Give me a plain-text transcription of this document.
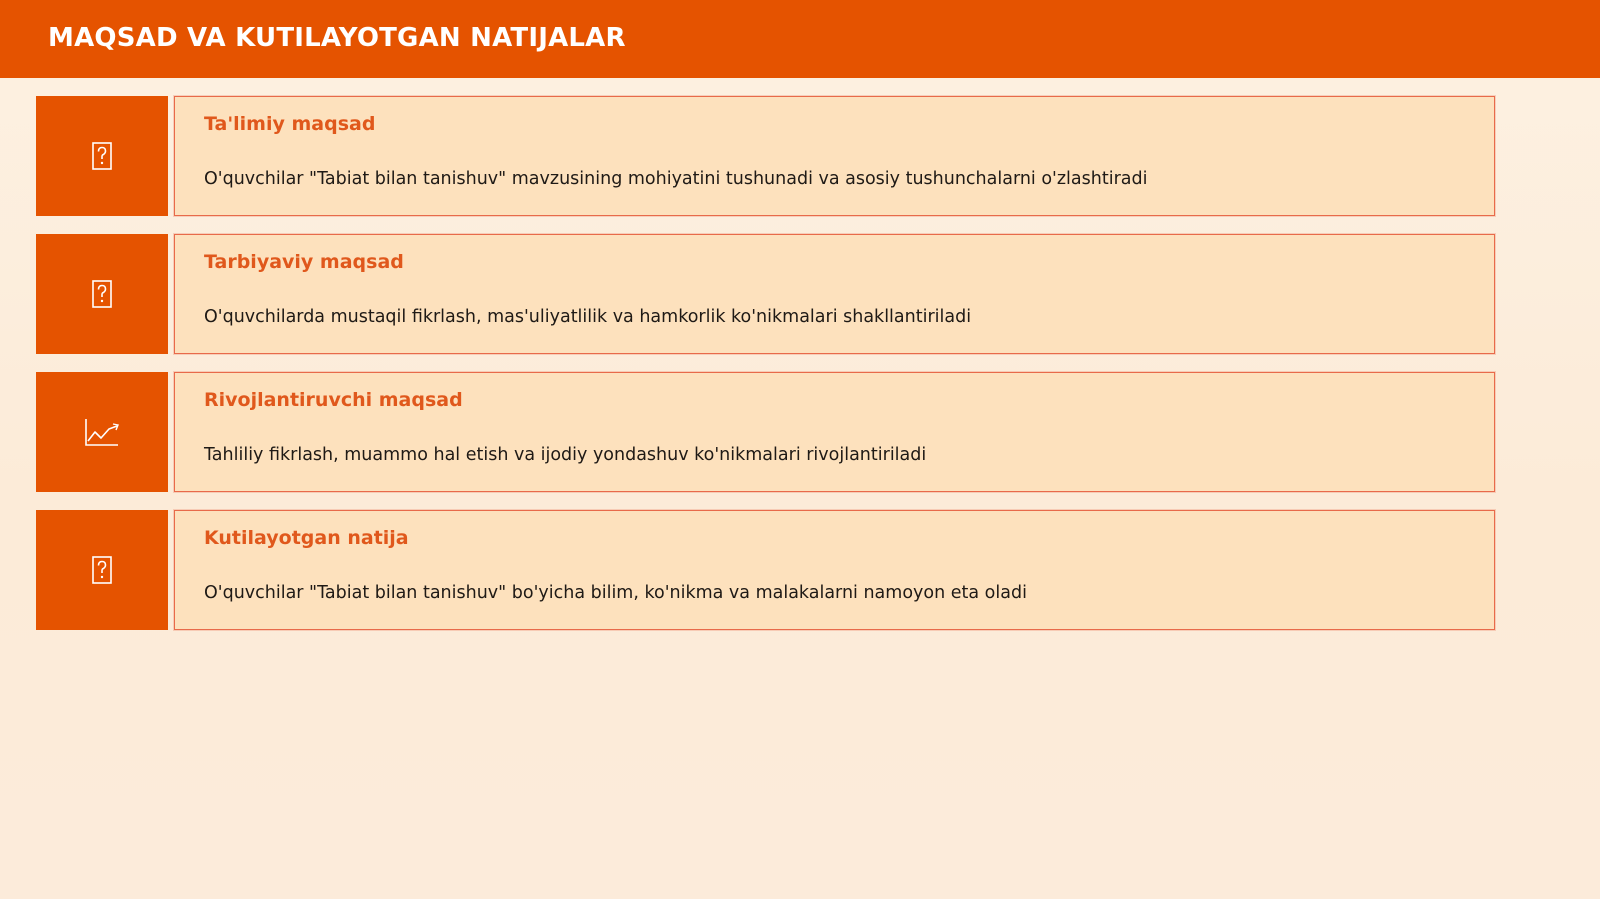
MAQSAD VA KUTILAYOTGAN NATIJALAR
Ta'limiy maqsad

O'quvchilar "Tabiat bilan tanishuv" mavzusining mohiyatini tushunadi va asosiy tushunchalarni o'zlashtiradi

Tarbiyaviy maqsad

O'quvchilarda mustaqil fikrlash, mas'uliyatlilik va hamkorlik ko'nikmalari shakllantiriladi

Rivojlantiruvchi maqsad

Tahliliy fikrlash, muammo hal etish va ijodiy yondashuv ko'nikmalari rivojlantiriladi

Kutilayotgan natija

O'quvchilar "Tabiat bilan tanishuv" bo'yicha bilim, ko'nikma va malakalarni namoyon eta oladi
